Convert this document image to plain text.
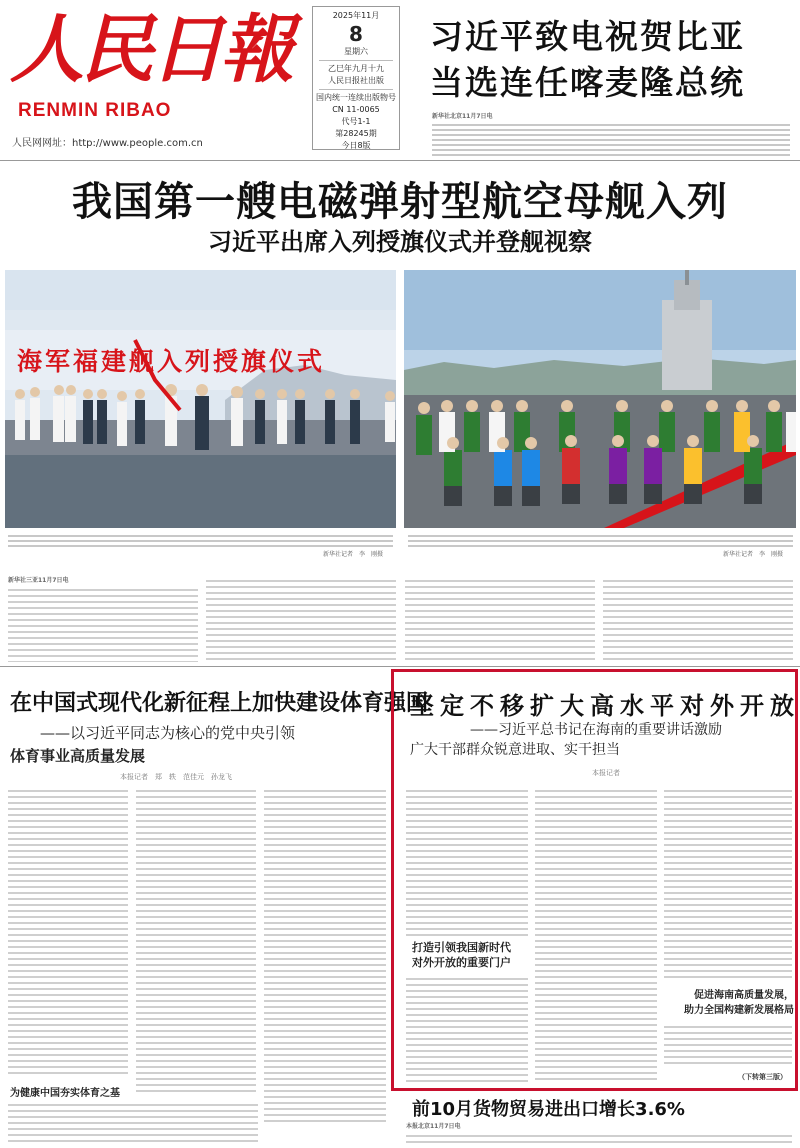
人民日報
RENMIN RIBAO
人民网网址：http://www.people.com.cn
2025年11月
8
星期六
乙巳年九月十九
人民日报社出版
国内统一连续出版物号
CN 11-0065
代号1-1
第28245期
今日8版
习近平致电祝贺比亚
当选连任喀麦隆总统
新华社北京11月7日电
我国第一艘电磁弹射型航空母舰入列
习近平出席入列授旗仪式并登舰视察
海军福建舰入列授旗仪式
新华社记者　李　刚摄	新华社记者　李　刚摄
新华社三亚11月7日电
在中国式现代化新征程上加快建设体育强国
——以习近平同志为核心的党中央引领
体育事业高质量发展
本报记者　郑　轶　范佳元　孙龙飞
为健康中国夯实体育之基
坚定不移扩大高水平对外开放
——习近平总书记在海南的重要讲话激励
广大干部群众锐意进取、实干担当
本报记者
打造引领我国新时代
对外开放的重要门户
促进海南高质量发展，
助力全国构建新发展格局
（下转第三版）
前10月货物贸易进出口增长3.6%
本报北京11月7日电
